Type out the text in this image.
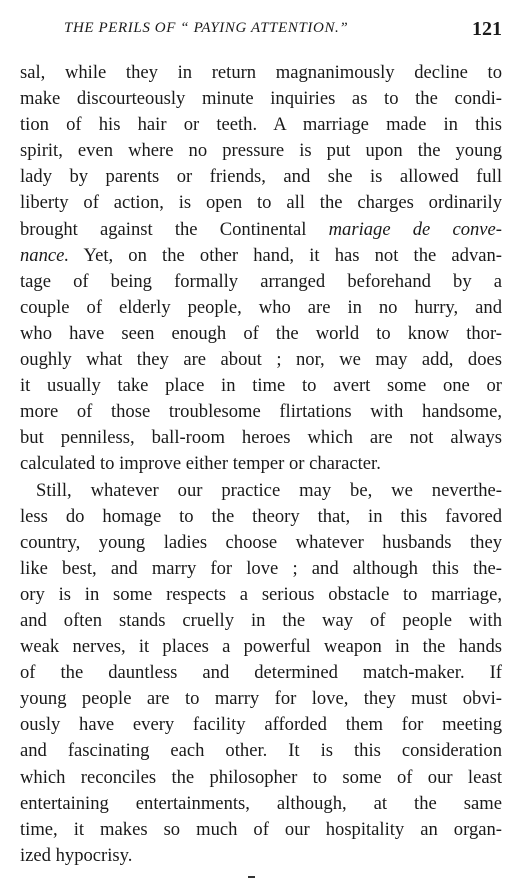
THE PERILS OF “ PAYING ATTENTION.”	121
sal, while they in return magnanimously decline to
make discourteously minute inquiries as to the condi-
tion of his hair or teeth. A marriage made in this
spirit, even where no pressure is put upon the young
lady by parents or friends, and she is allowed full
liberty of action, is open to all the charges ordinarily
brought against the Continental mariage de conve-
nance. Yet, on the other hand, it has not the advan-
tage of being formally arranged beforehand by a
couple of elderly people, who are in no hurry, and
who have seen enough of the world to know thor-
oughly what they are about ; nor, we may add, does
it usually take place in time to avert some one or
more of those troublesome flirtations with handsome,
but penniless, ball-room heroes which are not always
calculated to improve either temper or character.
Still, whatever our practice may be, we neverthe-
less do homage to the theory that, in this favored
country, young ladies choose whatever husbands they
like best, and marry for love ; and although this the-
ory is in some respects a serious obstacle to marriage,
and often stands cruelly in the way of people with
weak nerves, it places a powerful weapon in the hands
of the dauntless and determined match-maker. If
young people are to marry for love, they must obvi-
ously have every facility afforded them for meeting
and fascinating each other. It is this consideration
which reconciles the philosopher to some of our least
entertaining entertainments, although, at the same
time, it makes so much of our hospitality an organ-
ized hypocrisy.
